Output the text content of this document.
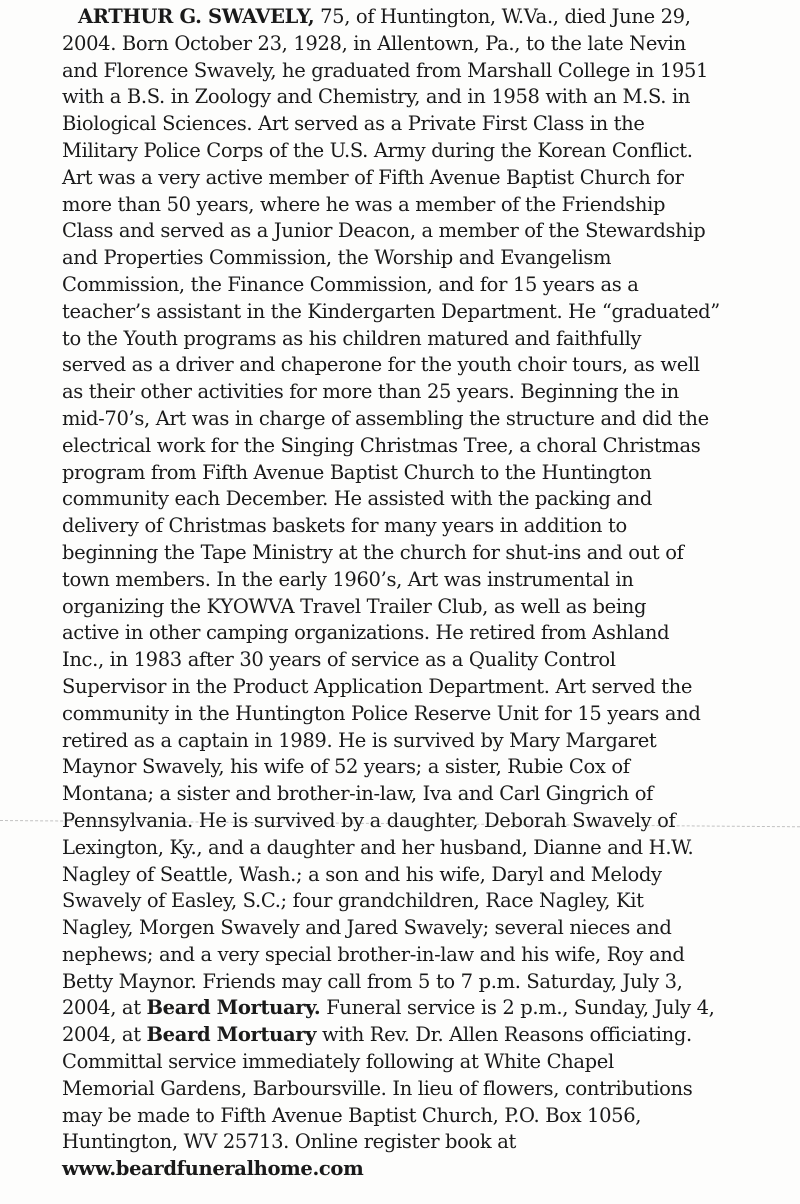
ARTHUR G. SWAVELY, 75, of Huntington, W.Va., died June 29,
2004. Born October 23, 1928, in Allentown, Pa., to the late Nevin
and Florence Swavely, he graduated from Marshall College in 1951
with a B.S. in Zoology and Chemistry, and in 1958 with an M.S. in
Biological Sciences. Art served as a Private First Class in the
Military Police Corps of the U.S. Army during the Korean Conflict.
Art was a very active member of Fifth Avenue Baptist Church for
more than 50 years, where he was a member of the Friendship
Class and served as a Junior Deacon, a member of the Stewardship
and Properties Commission, the Worship and Evangelism
Commission, the Finance Commission, and for 15 years as a
teacher’s assistant in the Kindergarten Department. He “graduated”
to the Youth programs as his children matured and faithfully
served as a driver and chaperone for the youth choir tours, as well
as their other activities for more than 25 years. Beginning the in
mid-70’s, Art was in charge of assembling the structure and did the
electrical work for the Singing Christmas Tree, a choral Christmas
program from Fifth Avenue Baptist Church to the Huntington
community each December. He assisted with the packing and
delivery of Christmas baskets for many years in addition to
beginning the Tape Ministry at the church for shut-ins and out of
town members. In the early 1960’s, Art was instrumental in
organizing the KYOWVA Travel Trailer Club, as well as being
active in other camping organizations. He retired from Ashland
Inc., in 1983 after 30 years of service as a Quality Control
Supervisor in the Product Application Department. Art served the
community in the Huntington Police Reserve Unit for 15 years and
retired as a captain in 1989. He is survived by Mary Margaret
Maynor Swavely, his wife of 52 years; a sister, Rubie Cox of
Montana; a sister and brother-in-law, Iva and Carl Gingrich of
Pennsylvania. He is survived by a daughter, Deborah Swavely of
Lexington, Ky., and a daughter and her husband, Dianne and H.W.
Nagley of Seattle, Wash.; a son and his wife, Daryl and Melody
Swavely of Easley, S.C.; four grandchildren, Race Nagley, Kit
Nagley, Morgen Swavely and Jared Swavely; several nieces and
nephews; and a very special brother-in-law and his wife, Roy and
Betty Maynor. Friends may call from 5 to 7 p.m. Saturday, July 3,
2004, at Beard Mortuary. Funeral service is 2 p.m., Sunday, July 4,
2004, at Beard Mortuary with Rev. Dr. Allen Reasons officiating.
Committal service immediately following at White Chapel
Memorial Gardens, Barboursville. In lieu of flowers, contributions
may be made to Fifth Avenue Baptist Church, P.O. Box 1056,
Huntington, WV 25713. Online register book at
www.beardfuneralhome.com
